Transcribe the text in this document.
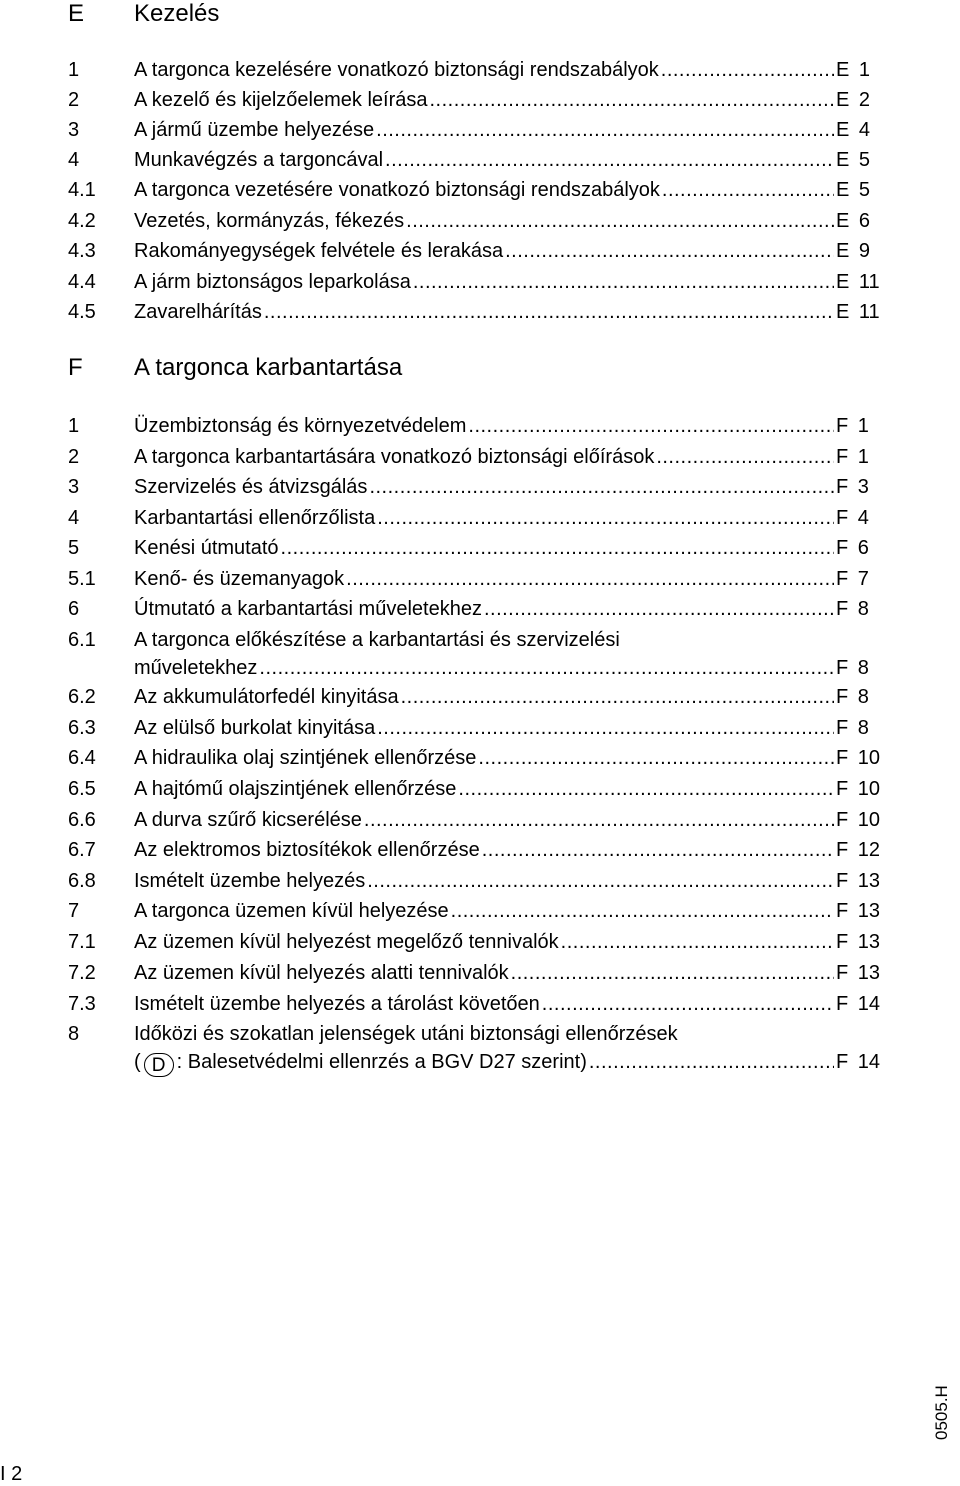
E Kezelés
1	A targonca kezelésére vonatkozó biztonsági rendszabályok .....	E 1
2	A kezelő és kijelzőelemek leírása .....	E 2
3	A jármű üzembe helyezése .....	E 4
4	Munkavégzés a targoncával .....	E 5
4.1 A targonca vezetésére vonatkozó biztonsági rendszabályok .....	E 5
4.2 Vezetés, kormányzás, fékezés .....	E 6
4.3 Rakományegységek felvétele és lerakása .....	E 9
4.4 A járm biztonságos leparkolása .....	E 11
4.5 Zavarelhárítás .....	E 11
F A targonca karbantartása
1	Üzembiztonság és környezetvédelem .....	F 1
2	A targonca karbantartására vonatkozó biztonsági előírások .....	F 1
3	Szervizelés és átvizsgálás .....	F 3
4	Karbantartási ellenőrzőlista .....	F 4
5	Kenési útmutató .....	F 6
5.1 Kenő- és üzemanyagok .....	F 7
6	Útmutató a karbantartási műveletekhez .....	F 8
6.1 A targonca előkészítése a karbantartási és szervizelési
műveletekhez .....	F 8
6.2 Az akkumulátorfedél kinyitása .....	F 8
6.3 Az elülső burkolat kinyitása .....	F 8
6.4 A hidraulika olaj szintjének ellenőrzése .....	F 10
6.5 A hajtómű olajszintjének ellenőrzése .....	F 10
6.6 A durva szűrő kicserélése .....	F 10
6.7 Az elektromos biztosítékok ellenőrzése .....	F 12
6.8 Ismételt üzembe helyezés .....	F 13
7	A targonca üzemen kívül helyezése .....	F 13
7.1 Az üzemen kívül helyezést megelőző tennivalók .....	F 13
7.2 Az üzemen kívül helyezés alatti tennivalók .....	F 13
7.3 Ismételt üzembe helyezés a tárolást követően .....	F 14
8	Időközi és szokatlan jelenségek utáni biztonsági ellenőrzések
( D : Balesetvédelmi ellenrzés a BGV D27 szerint) .....	F 14
0505.H
I 2
